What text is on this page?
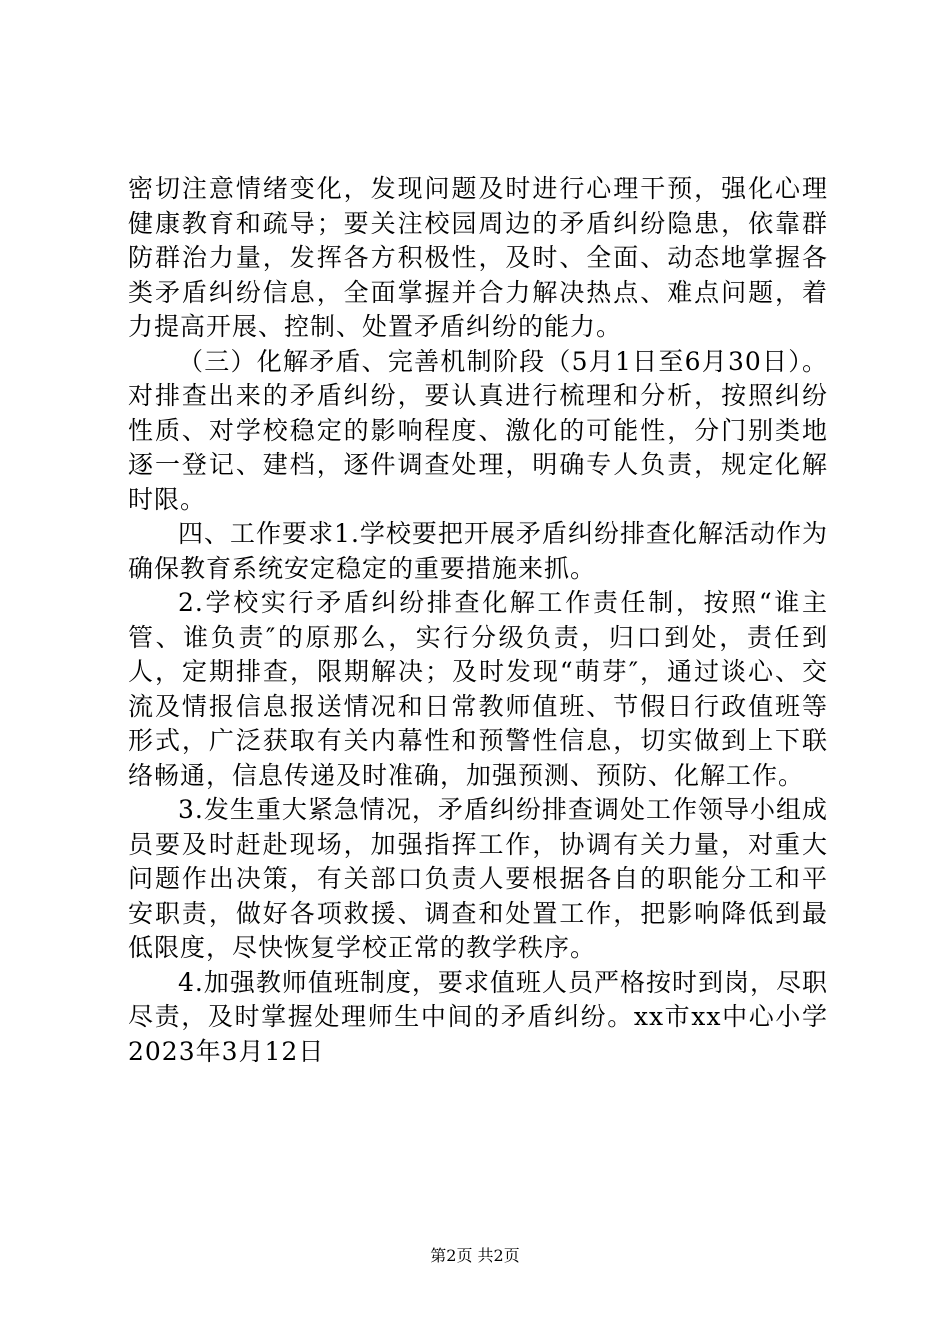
密切注意情绪变化，发现问题及时进行心理干预，强化心理健康教育和疏导；要关注校园周边的矛盾纠纷隐患，依靠群防群治力量，发挥各方积极性，及时、全面、动态地掌握各类矛盾纠纷信息，全面掌握并合力解决热点、难点问题，着力提高开展、控制、处置矛盾纠纷的能力。

（三）化解矛盾、完善机制阶段（5月1日至6月30日）。对排查出来的矛盾纠纷，要认真进行梳理和分析，按照纠纷性质、对学校稳定的影响程度、激化的可能性，分门别类地逐一登记、建档，逐件调查处理，明确专人负责，规定化解时限。

四、工作要求1.学校要把开展矛盾纠纷排查化解活动作为确保教育系统安定稳定的重要措施来抓。

2.学校实行矛盾纠纷排查化解工作责任制，按照“谁主管、谁负责″的原那么，实行分级负责，归口到处，责任到人，定期排查，限期解决；及时发现“萌芽″，通过谈心、交流及情报信息报送情况和日常教师值班、节假日行政值班等形式，广泛获取有关内幕性和预警性信息，切实做到上下联络畅通，信息传递及时准确，加强预测、预防、化解工作。

3.发生重大紧急情况，矛盾纠纷排查调处工作领导小组成员要及时赶赴现场，加强指挥工作，协调有关力量，对重大问题作出决策，有关部口负责人要根据各自的职能分工和平安职责，做好各项救援、调查和处置工作，把影响降低到最低限度，尽快恢复学校正常的教学秩序。

4.加强教师值班制度，要求值班人员严格按时到岗，尽职尽责，及时掌握处理师生中间的矛盾纠纷。xx市xx中心小学2023年3月12日

第2页 共2页
